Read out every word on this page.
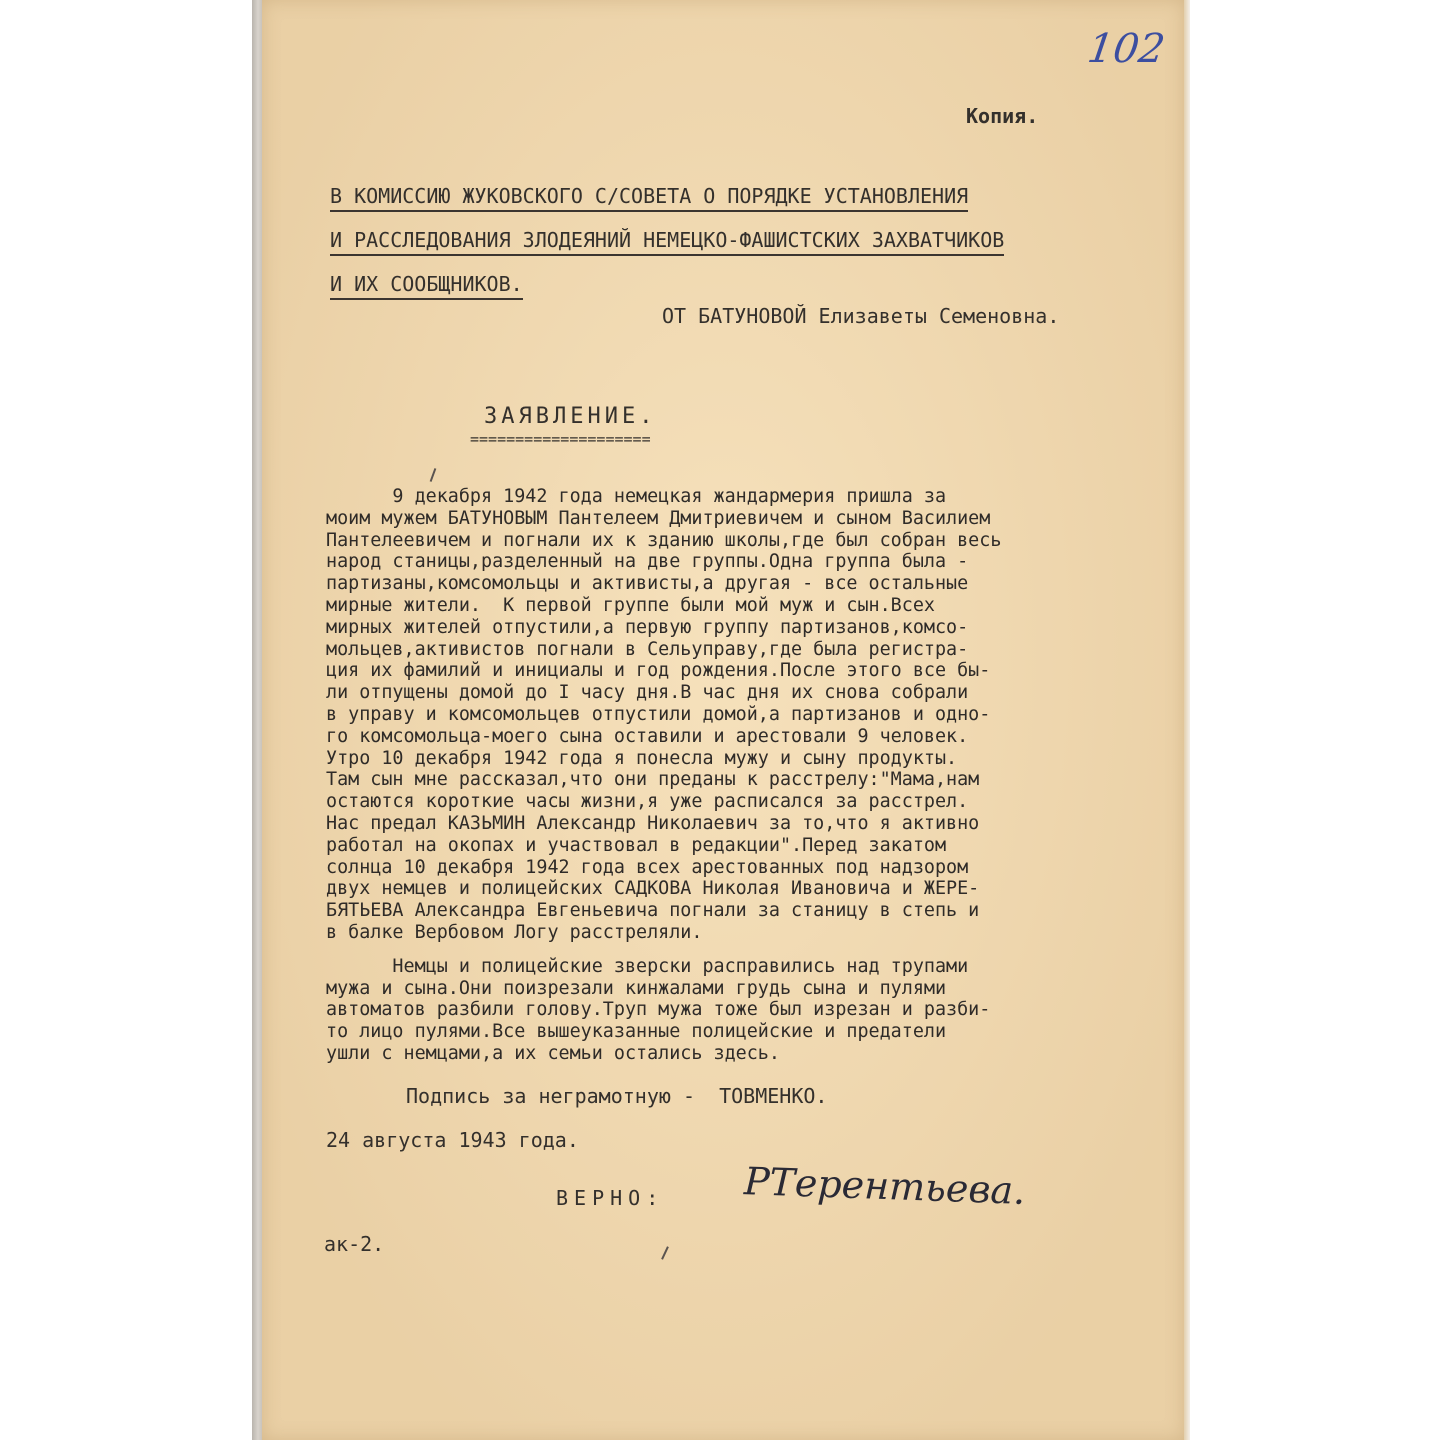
102
Копия.
В КОМИССИЮ ЖУКОВСКОГО С/СОВЕТА О ПОРЯДКЕ УСТАНОВЛЕНИЯ
И РАССЛЕДОВАНИЯ ЗЛОДЕЯНИЙ НЕМЕЦКО-ФАШИСТСКИХ ЗАХВАТЧИКОВ
И ИХ СООБЩНИКОВ.
ОТ БАТУНОВОЙ Елизаветы Семеновна.
ЗАЯВЛЕНИЕ.
====================
9 декабря 1942 года немецкая жандармерия пришла за
моим мужем БАТУНОВЫМ Пантелеем Дмитриевичем и сыном Василием
Пантелеевичем и погнали их к зданию школы,где был собран весь
народ станицы,разделенный на две группы.Одна группа была -
партизаны,комсомольцы и активисты,а другая - все остальные
мирные жители.  К первой группе были мой муж и сын.Всех
мирных жителей отпустили,а первую группу партизанов,комсо-
мольцев,активистов погнали в Сельуправу,где была регистра-
ция их фамилий и инициалы и год рождения.После этого все бы-
ли отпущены домой до I часу дня.В час дня их снова собрали
в управу и комсомольцев отпустили домой,а партизанов и одно-
го комсомольца-моего сына оставили и арестовали 9 человек.
Утро 10 декабря 1942 года я понесла мужу и сыну продукты.
Там сын мне рассказал,что они преданы к расстрелу:"Мама,нам
остаются короткие часы жизни,я уже расписался за расстрел.
Нас предал КАЗЬМИН Александр Николаевич за то,что я активно
работал на окопах и участвовал в редакции".Перед закатом
солнца 10 декабря 1942 года всех арестованных под надзором
двух немцев и полицейских САДКОВА Николая Ивановича и ЖЕРЕ-
БЯТЬЕВА Александра Евгеньевича погнали за станицу в степь и
в балке Вербовом Логу расстреляли.
Немцы и полицейские зверски расправились над трупами
мужа и сына.Они поизрезали кинжалами грудь сына и пулями
автоматов разбили голову.Труп мужа тоже был изрезан и разби-
то лицо пулями.Все вышеуказанные полицейские и предатели
ушли с немцами,а их семьи остались здесь.
Подпись за неграмотную -  ТОВМЕНКО.
24 августа 1943 года.
ВЕРНО: РТерентьева.
ак-2.
